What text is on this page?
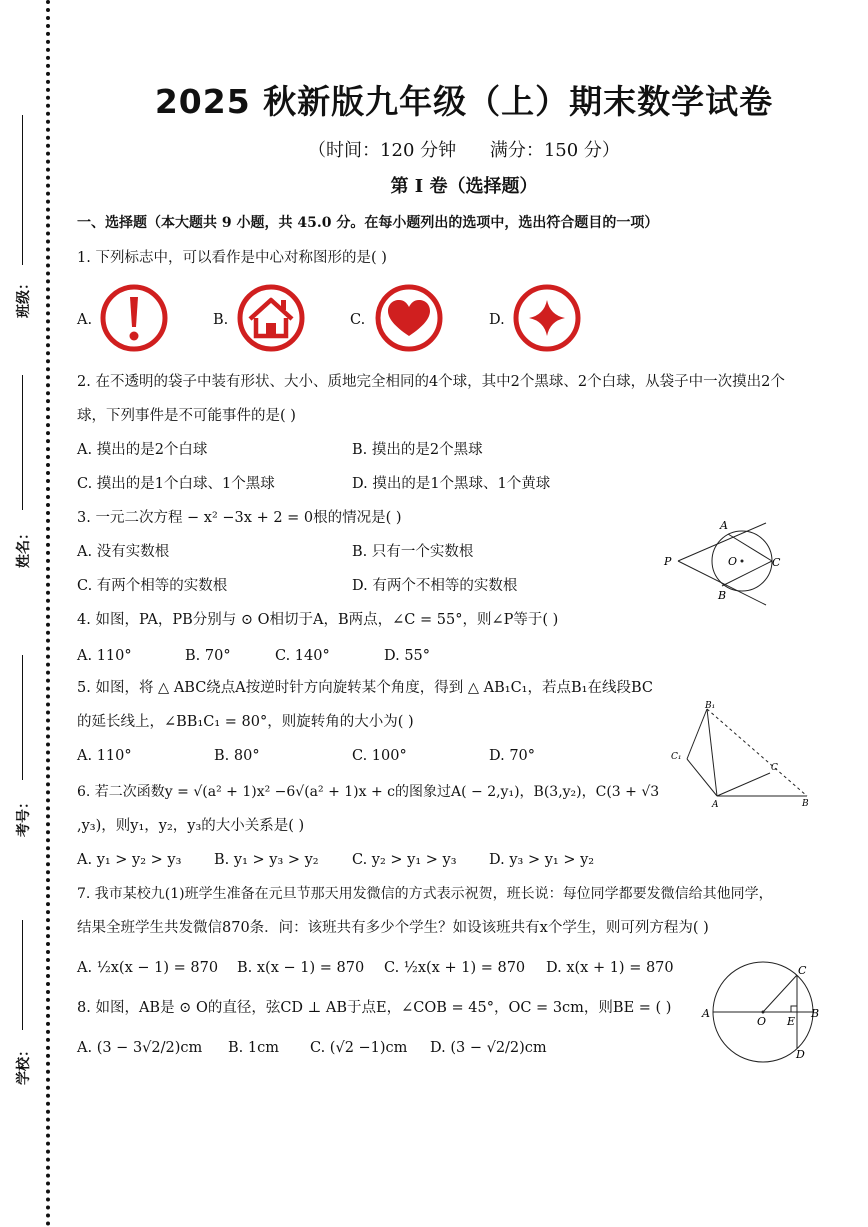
班级：
姓名：
考号：
学校：
2025 秋新版九年级（上）期末数学试卷
（时间：120 分钟 满分：150 分）
第 I 卷（选择题）
一、选择题（本大题共 9 小题，共 45.0 分。在每小题列出的选项中，选出符合题目的一项）
1. 下列标志中，可以看作是中心对称图形的是( )
A.	B.	C.	D.
2. 在不透明的袋子中装有形状、大小、质地完全相同的4个球，其中2个黑球、2个白球，从袋子中一次摸出2个
球，下列事件是不可能事件的是( )
A. 摸出的是2个白球	B. 摸出的是2个黑球
C. 摸出的是1个白球、1个黑球	D. 摸出的是1个黑球、1个黄球
3. 一元二次方程 − x² −3x + 2 = 0根的情况是( )
A. 没有实数根	B. 只有一个实数根
C. 有两个相等的实数根	D. 有两个不相等的实数根
A
B
C
O
P
4. 如图，PA，PB分别与 ⊙ O相切于A，B两点，∠C = 55°，则∠P等于( )
A. 110°	B. 70°	C. 140°	D. 55°
5. 如图，将 △ ABC绕点A按逆时针方向旋转某个角度，得到 △ AB₁C₁，若点B₁在线段BC
的延长线上，∠BB₁C₁ = 80°，则旋转角的大小为( )
A. 110°	B. 80°	C. 100°	D. 70°
A	B
C
B₁
C₁
6. 若二次函数y = √(a² + 1)x² −6√(a² + 1)x + c的图象过A( − 2,y₁)，B(3,y₂)，C(3 + √3
,y₃)，则y₁，y₂，y₃的大小关系是( )
A. y₁ > y₂ > y₃ B. y₁ > y₃ > y₂ C. y₂ > y₁ > y₃ D. y₃ > y₁ > y₂
7. 我市某校九(1)班学生准备在元旦节那天用发微信的方式表示祝贺，班长说：每位同学都要发微信给其他同学，
结果全班学生共发微信870条．问：该班共有多少个学生？如设该班共有x个学生，则可列方程为( )
A. ½x(x − 1) = 870 B. x(x − 1) = 870 C. ½x(x + 1) = 870 D. x(x + 1) = 870
8. 如图，AB是 ⊙ O的直径，弦CD ⊥ AB于点E，∠COB = 45°，OC = 3cm，则BE = ( )
A. (3 − 3√2/2)cm B. 1cm C. (√2 −1)cm D. (3 − √2/2)cm
A	B
C
D
E
O
